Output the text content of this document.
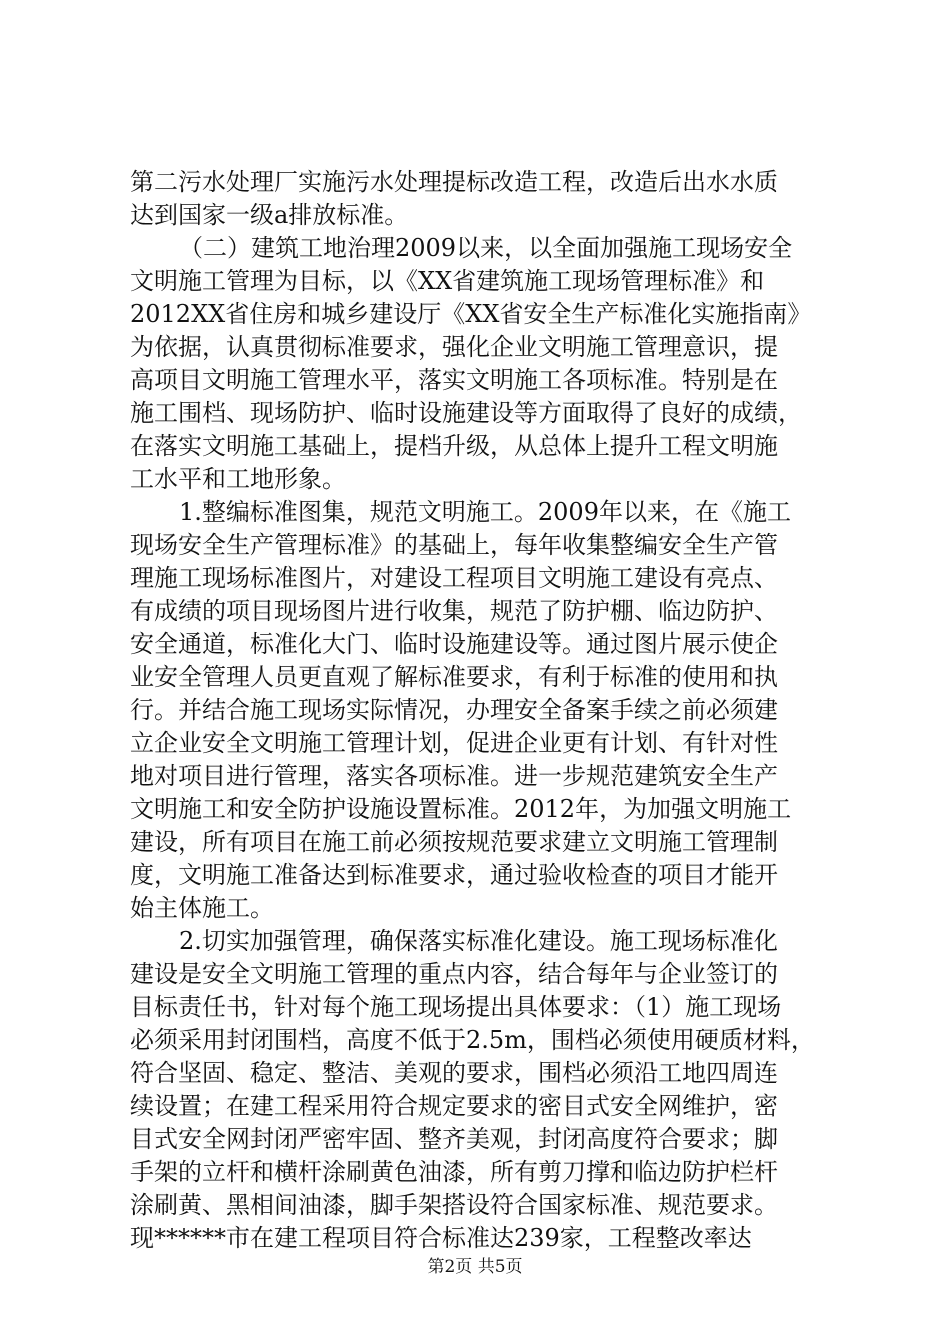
第二污水处理厂实施污水处理提标改造工程，改造后出水水质
达到国家一级a排放标准。
（二）建筑工地治理2009以来，以全面加强施工现场安全
文明施工管理为目标，以《XX省建筑施工现场管理标准》和
2012XX省住房和城乡建设厅《XX省安全生产标准化实施指南》
为依据，认真贯彻标准要求，强化企业文明施工管理意识，提
高项目文明施工管理水平，落实文明施工各项标准。特别是在
施工围档、现场防护、临时设施建设等方面取得了良好的成绩，
在落实文明施工基础上，提档升级，从总体上提升工程文明施
工水平和工地形象。
1.整编标准图集，规范文明施工。2009年以来，在《施工
现场安全生产管理标准》的基础上，每年收集整编安全生产管
理施工现场标准图片，对建设工程项目文明施工建设有亮点、
有成绩的项目现场图片进行收集，规范了防护棚、临边防护、
安全通道，标准化大门、临时设施建设等。通过图片展示使企
业安全管理人员更直观了解标准要求，有利于标准的使用和执
行。并结合施工现场实际情况，办理安全备案手续之前必须建
立企业安全文明施工管理计划，促进企业更有计划、有针对性
地对项目进行管理，落实各项标准。进一步规范建筑安全生产
文明施工和安全防护设施设置标准。2012年，为加强文明施工
建设，所有项目在施工前必须按规范要求建立文明施工管理制
度，文明施工准备达到标准要求，通过验收检查的项目才能开
始主体施工。
2.切实加强管理，确保落实标准化建设。施工现场标准化
建设是安全文明施工管理的重点内容，结合每年与企业签订的
目标责任书，针对每个施工现场提出具体要求：（1）施工现场
必须采用封闭围档，高度不低于2.5m，围档必须使用硬质材料，
符合坚固、稳定、整洁、美观的要求，围档必须沿工地四周连
续设置；在建工程采用符合规定要求的密目式安全网维护，密
目式安全网封闭严密牢固、整齐美观，封闭高度符合要求；脚
手架的立杆和横杆涂刷黄色油漆，所有剪刀撑和临边防护栏杆
涂刷黄、黑相间油漆，脚手架搭设符合国家标准、规范要求。
现******市在建工程项目符合标准达239家，工程整改率达
第2页 共5页
